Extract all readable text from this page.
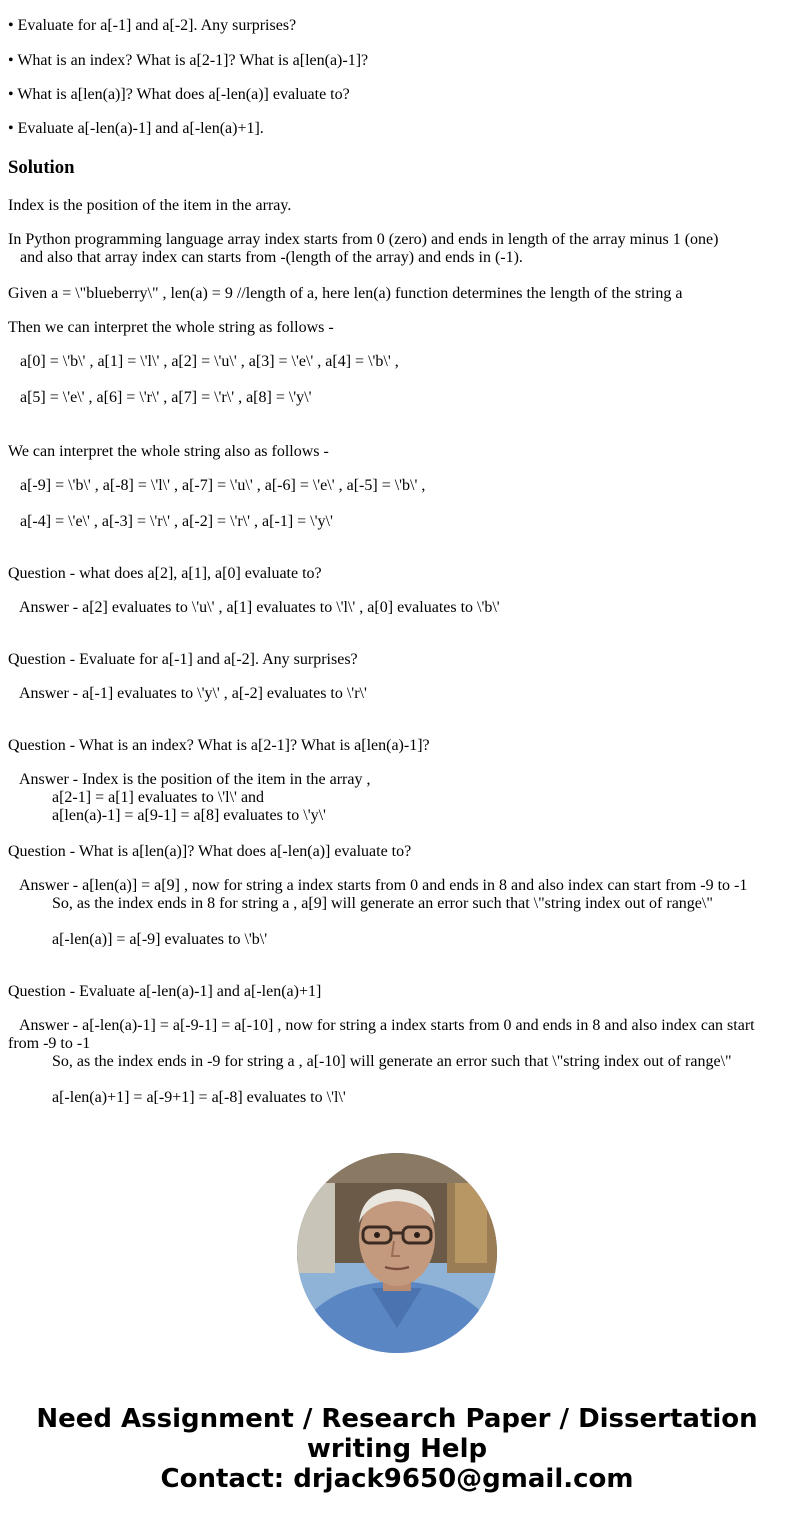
• Evaluate for a[-1] and a[-2]. Any surprises?
• What is an index? What is a[2-1]? What is a[len(a)-1]?
• What is a[len(a)]? What does a[-len(a)] evaluate to?
• Evaluate a[-len(a)-1] and a[-len(a)+1].
Solution
Index is the position of the item in the array.
In Python programming language array index starts from 0 (zero) and ends in length of the array minus 1 (one)
and also that array index can starts from -(length of the array) and ends in (-1).
Given a = \"blueberry\" , len(a) = 9 //length of a, here len(a) function determines the length of the string a
Then we can interpret the whole string as follows -
a[0] = \'b\' , a[1] = \'l\' , a[2] = \'u\' , a[3] = \'e\' , a[4] = \'b\' ,
a[5] = \'e\' , a[6] = \'r\' , a[7] = \'r\' , a[8] = \'y\'
We can interpret the whole string also as follows -
a[-9] = \'b\' , a[-8] = \'l\' , a[-7] = \'u\' , a[-6] = \'e\' , a[-5] = \'b\' ,
a[-4] = \'e\' , a[-3] = \'r\' , a[-2] = \'r\' , a[-1] = \'y\'
Question - what does a[2], a[1], a[0] evaluate to?
Answer - a[2] evaluates to \'u\' , a[1] evaluates to \'l\' , a[0] evaluates to \'b\'
Question - Evaluate for a[-1] and a[-2]. Any surprises?
Answer - a[-1] evaluates to \'y\' , a[-2] evaluates to \'r\'
Question - What is an index? What is a[2-1]? What is a[len(a)-1]?
Answer - Index is the position of the item in the array ,
a[2-1] = a[1] evaluates to \'l\' and
a[len(a)-1] = a[9-1] = a[8] evaluates to \'y\'
Question - What is a[len(a)]? What does a[-len(a)] evaluate to?
Answer - a[len(a)] = a[9] , now for string a index starts from 0 and ends in 8 and also index can start from -9 to -1
So, as the index ends in 8 for string a , a[9] will generate an error such that \"string index out of range\"
a[-len(a)] = a[-9] evaluates to \'b\'
Question - Evaluate a[-len(a)-1] and a[-len(a)+1]
Answer - a[-len(a)-1] = a[-9-1] = a[-10] , now for string a index starts from 0 and ends in 8 and also index can start
from -9 to -1
So, as the index ends in -9 for string a , a[-10] will generate an error such that \"string index out of range\"
a[-len(a)+1] = a[-9+1] = a[-8] evaluates to \'l\'
Need Assignment / Research Paper / Dissertation
writing Help
Contact: drjack9650@gmail.com
